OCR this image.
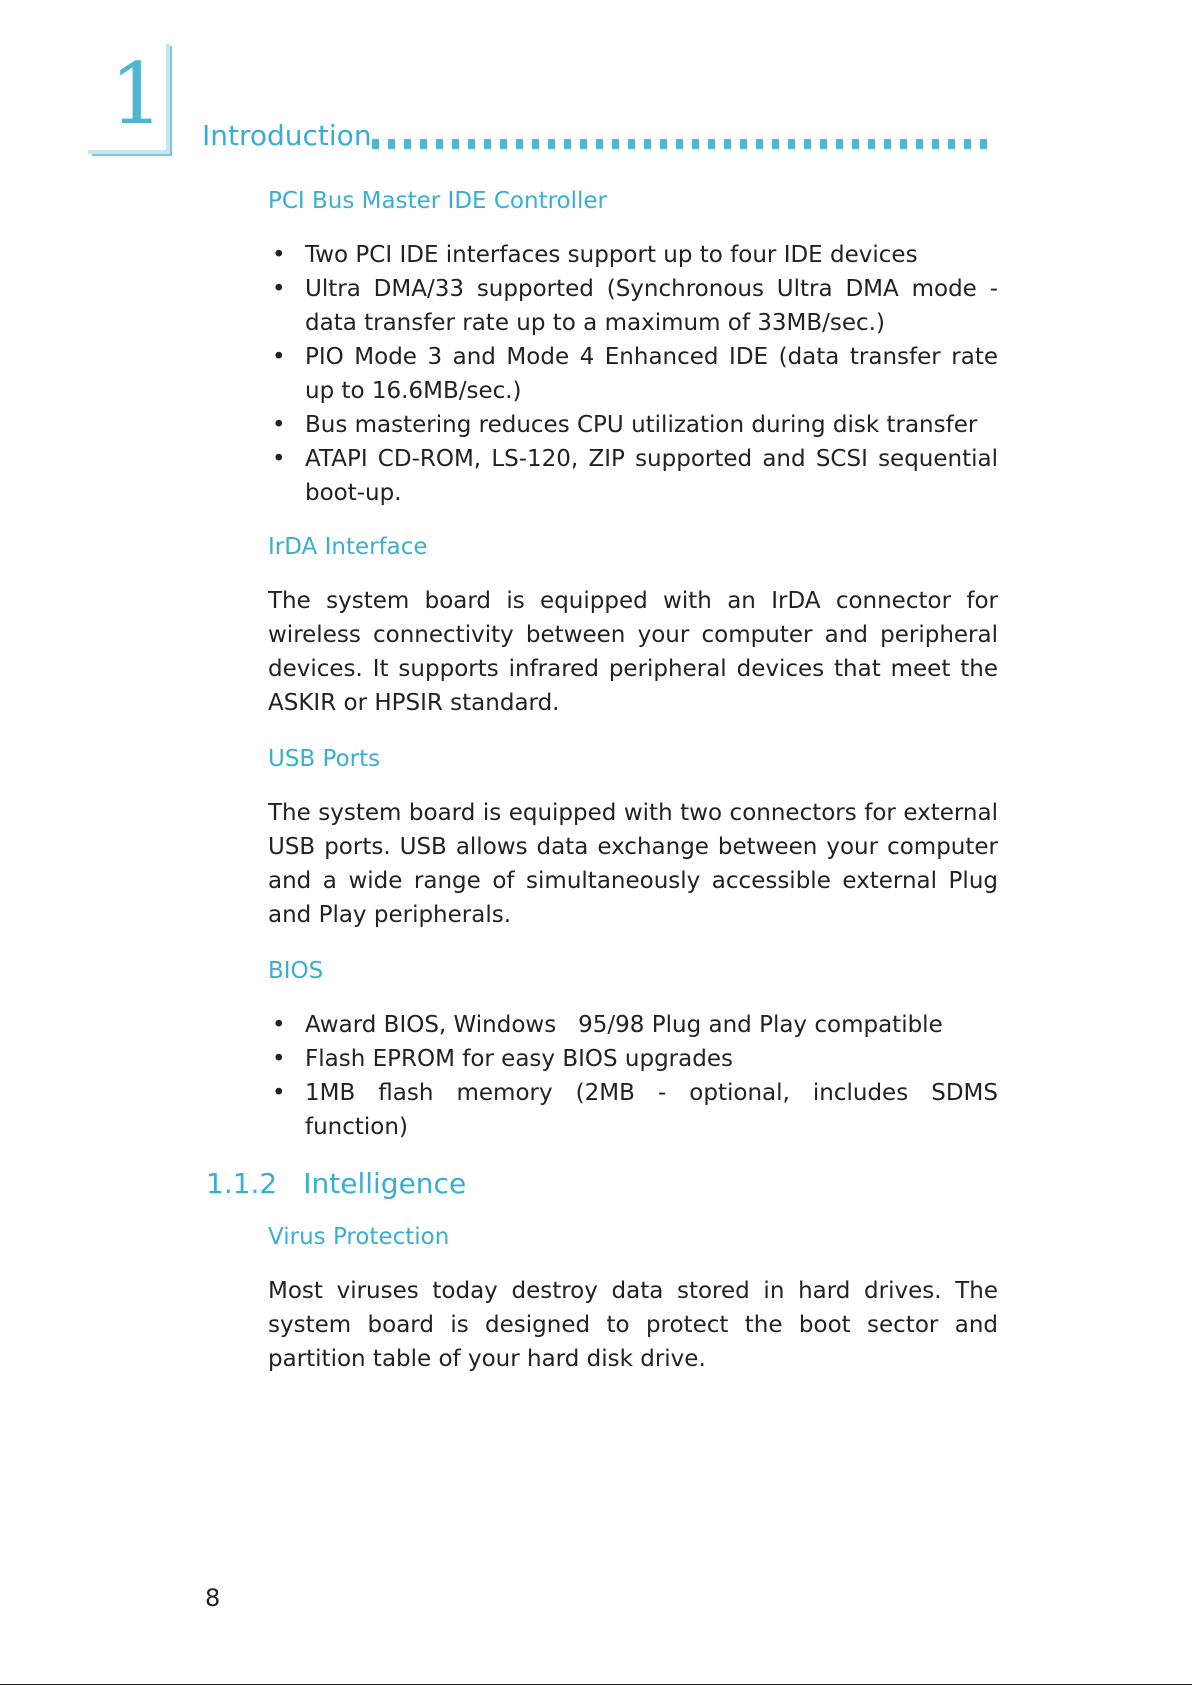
1 Introduction
PCI Bus Master IDE Controller
• Two PCI IDE interfaces support up to four IDE devices
• Ultra DMA/33 supported (Synchronous Ultra DMA mode - data transfer rate up to a maximum of 33MB/sec.)
• PIO Mode 3 and Mode 4 Enhanced IDE (data transfer rate up to 16.6MB/sec.)
• Bus mastering reduces CPU utilization during disk transfer
• ATAPI CD-ROM, LS-120, ZIP supported and SCSI sequential boot-up.
IrDA Interface

The system board is equipped with an IrDA connector for wireless connectivity between your computer and peripheral devices. It supports infrared peripheral devices that meet the ASKIR or HPSIR standard.

USB Ports

The system board is equipped with two connectors for external USB ports. USB allows data exchange between your computer and a wide range of simultaneously accessible external Plug and Play peripherals.

BIOS
• Award BIOS, Windows   95/98 Plug and Play compatible
• Flash EPROM for easy BIOS upgrades
• 1MB flash memory (2MB - optional, includes SDMS function)
1.1.2 Intelligence
Virus Protection

Most viruses today destroy data stored in hard drives. The system board is designed to protect the boot sector and partition table of your hard disk drive.

8
